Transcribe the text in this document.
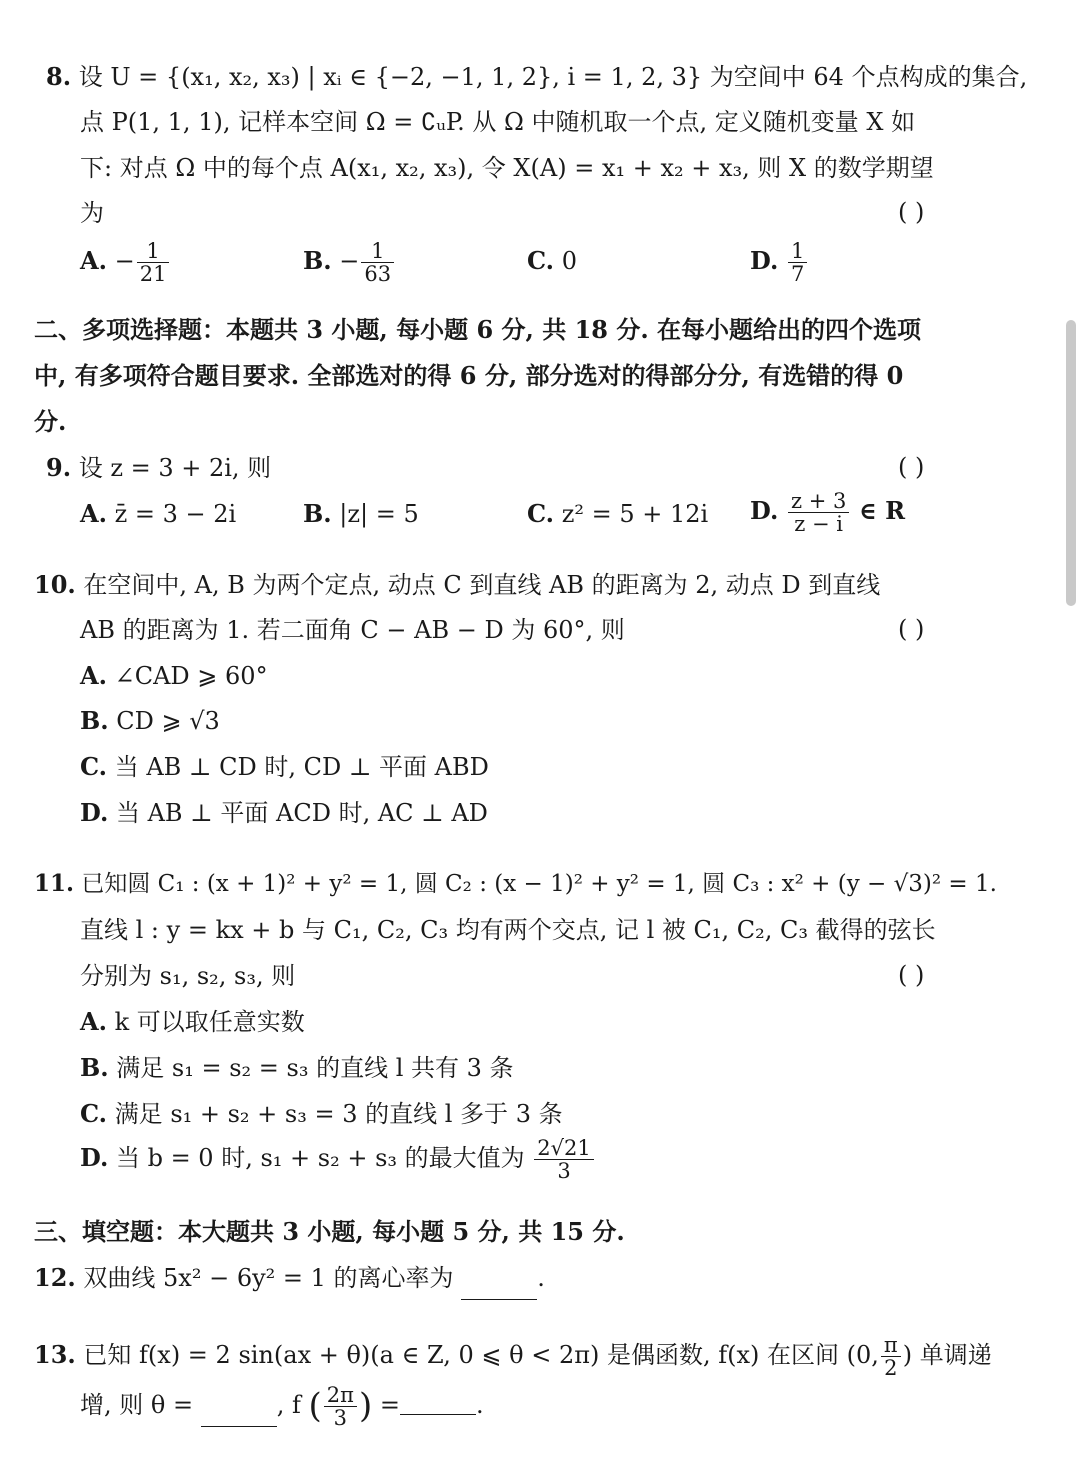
8. 设 U = {(x₁, x₂, x₃) | xᵢ ∈ {−2, −1, 1, 2}, i = 1, 2, 3} 为空间中 64 个点构成的集合,
点 P(1, 1, 1), 记样本空间 Ω = ∁ᵤP. 从 Ω 中随机取一个点, 定义随机变量 X 如
下: 对点 Ω 中的每个点 A(x₁, x₂, x₃), 令 X(A) = x₁ + x₂ + x₃, 则 X 的数学期望
为	( )
A. − $\frac{1}{21}$	B. − $\frac{1}{63}$	C. 0	D. $\frac{1}{7}$
二、多项选择题：本题共 3 小题, 每小题 6 分, 共 18 分. 在每小题给出的四个选项
中, 有多项符合题目要求. 全部选对的得 6 分, 部分选对的得部分分, 有选错的得 0
分.
9. 设 z = 3 + 2i, 则	( )
A. z̄ = 3 − 2i	B. |z| = 5	C. z² = 5 + 12i D. $\frac{z + 3}{z - i}$ ∈ R
10. 在空间中, A, B 为两个定点, 动点 C 到直线 AB 的距离为 2, 动点 D 到直线
AB 的距离为 1. 若二面角 C − AB − D 为 60°, 则	( )
A. ∠CAD ⩾ 60°
B. CD ⩾ √3
C. 当 AB ⊥ CD 时, CD ⊥ 平面 ABD
D. 当 AB ⊥ 平面 ACD 时, AC ⊥ AD
11. 已知圆 C₁ : (x + 1)² + y² = 1, 圆 C₂ : (x − 1)² + y² = 1, 圆 C₃ : x² + (y − √3)² = 1.
直线 l : y = kx + b 与 C₁, C₂, C₃ 均有两个交点, 记 l 被 C₁, C₂, C₃ 截得的弦长
分别为 s₁, s₂, s₃, 则	( )
A. k 可以取任意实数
B. 满足 s₁ = s₂ = s₃ 的直线 l 共有 3 条
C. 满足 s₁ + s₂ + s₃ = 3 的直线 l 多于 3 条
D. 当 b = 0 时, s₁ + s₂ + s₃ 的最大值为 $\frac{2√21}{3}$
三、填空题：本大题共 3 小题, 每小题 5 分, 共 15 分.
12. 双曲线 5x² − 6y² = 1 的离心率为	.
13. 已知 f(x) = 2 sin(ax + θ)(a ∈ Z, 0 ⩽ θ < 2π) 是偶函数, f(x) 在区间 (0, $\frac{\pi}{2}$ ) 单调递
增, 则 θ =	, f ( $\frac{2\pi}{3}$ ) =	.
